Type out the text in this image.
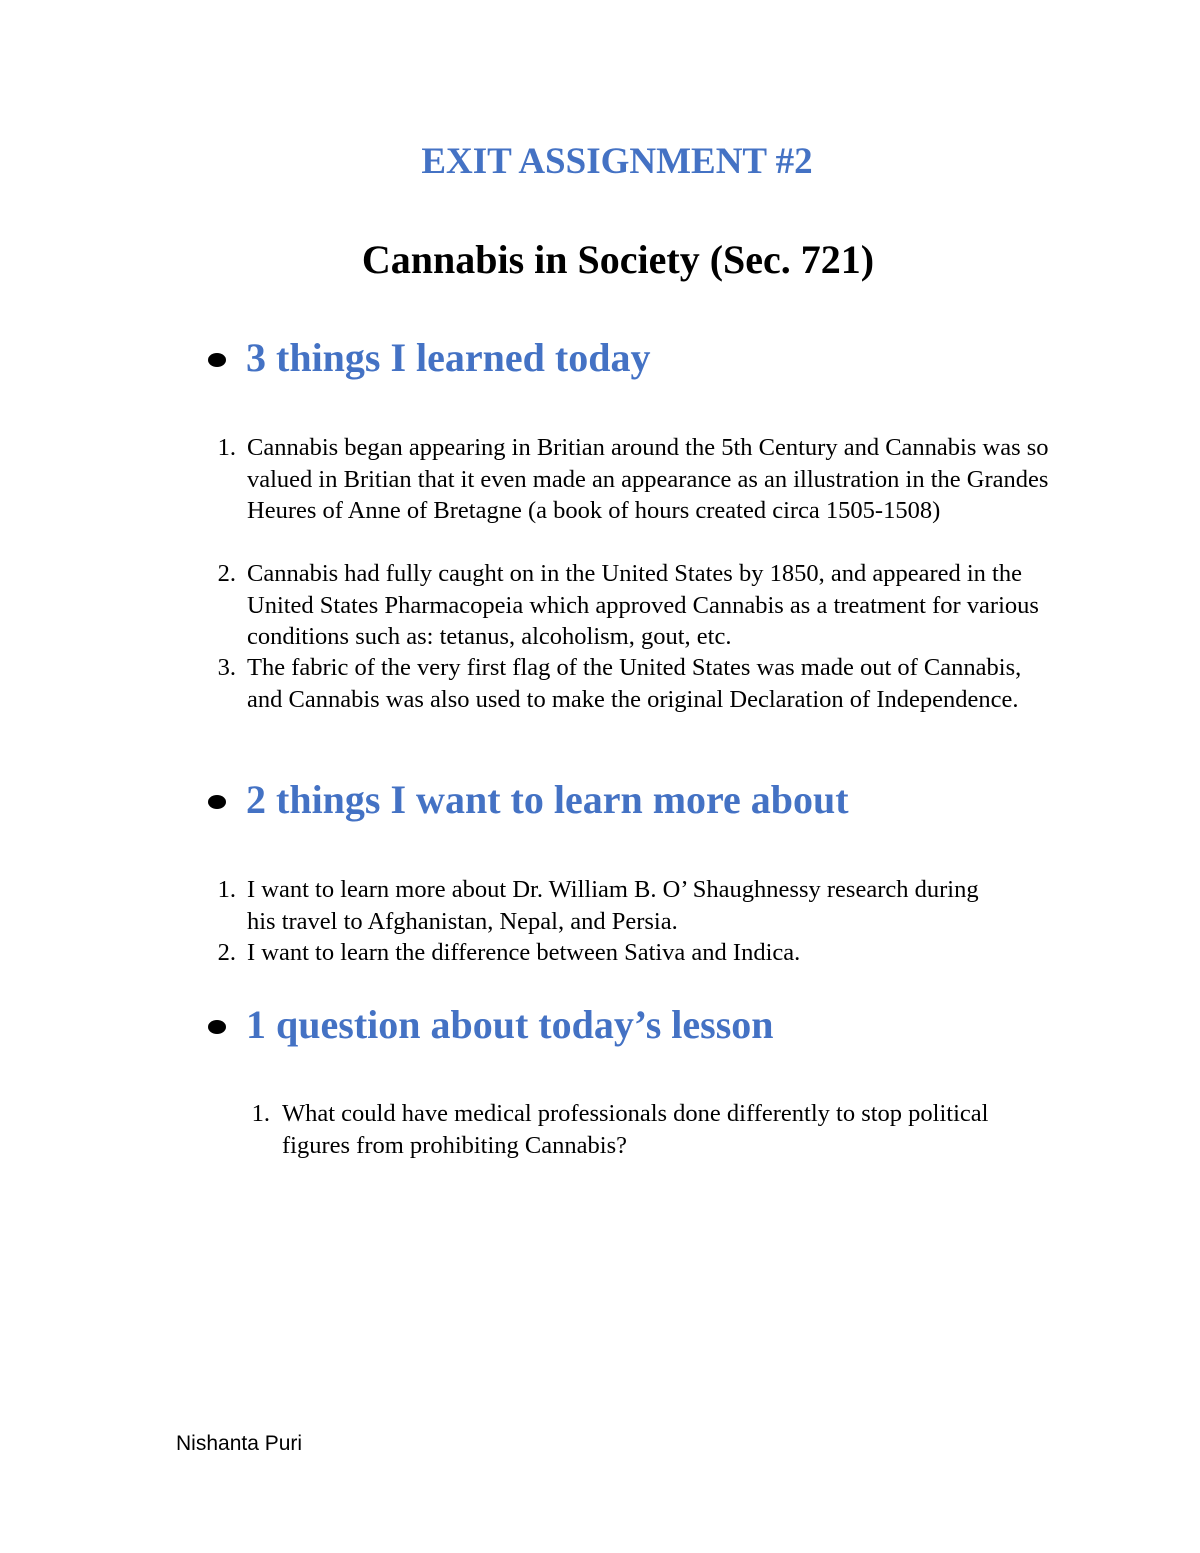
EXIT ASSIGNMENT #2
Cannabis in Society (Sec. 721)
3 things I learned today
1. Cannabis began appearing in Britian around the 5th Century and Cannabis was so valued in Britian that it even made an appearance as an illustration in the Grandes Heures of Anne of Bretagne (a book of hours created circa 1505-1508)
2. Cannabis had fully caught on in the United States by 1850, and appeared in the United States Pharmacopeia which approved Cannabis as a treatment for various conditions such as: tetanus, alcoholism, gout, etc.
3. The fabric of the very first flag of the United States was made out of Cannabis, and Cannabis was also used to make the original Declaration of Independence.
2 things I want to learn more about
1. I want to learn more about Dr. William B. O’ Shaughnessy research during his travel to Afghanistan, Nepal, and Persia.
2. I want to learn the difference between Sativa and Indica.
1 question about today’s lesson
1. What could have medical professionals done differently to stop political figures from prohibiting Cannabis?
Nishanta Puri
